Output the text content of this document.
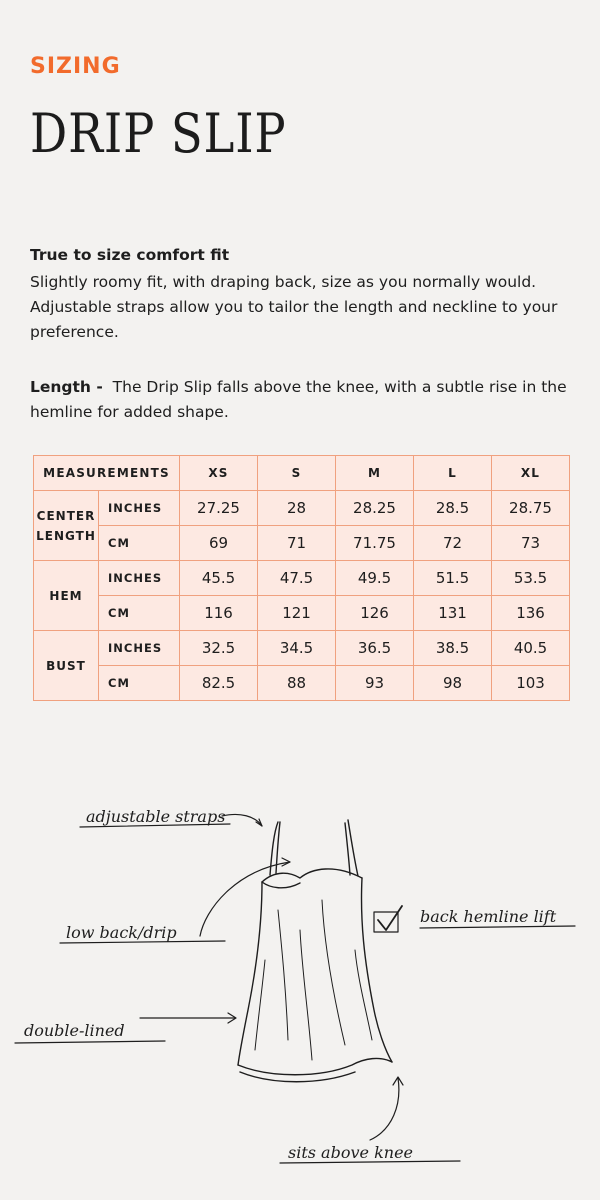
SIZING
DRIP SLIP
True to size comfort fit
Slightly roomy fit, with draping back, size as you normally would. Adjustable straps allow you to tailor the length and neckline to your preference.
Length - The Drip Slip falls above the knee, with a subtle rise in the hemline for added shape.
MEASUREMENTS		XS	S	M	L	XL

CENTER
LENGTH	INCHES	27.25	28	28.25	28.5	28.75
	CM	69	71	71.75	72	73

HEM	INCHES	45.5	47.5	49.5	51.5	53.5
	CM	116	121	126	131	136

BUST	INCHES	32.5	34.5	36.5	38.5	40.5
	CM	82.5	88	93	98	103
adjustable straps
low back/drip
double-lined
back hemline lift
sits above knee
